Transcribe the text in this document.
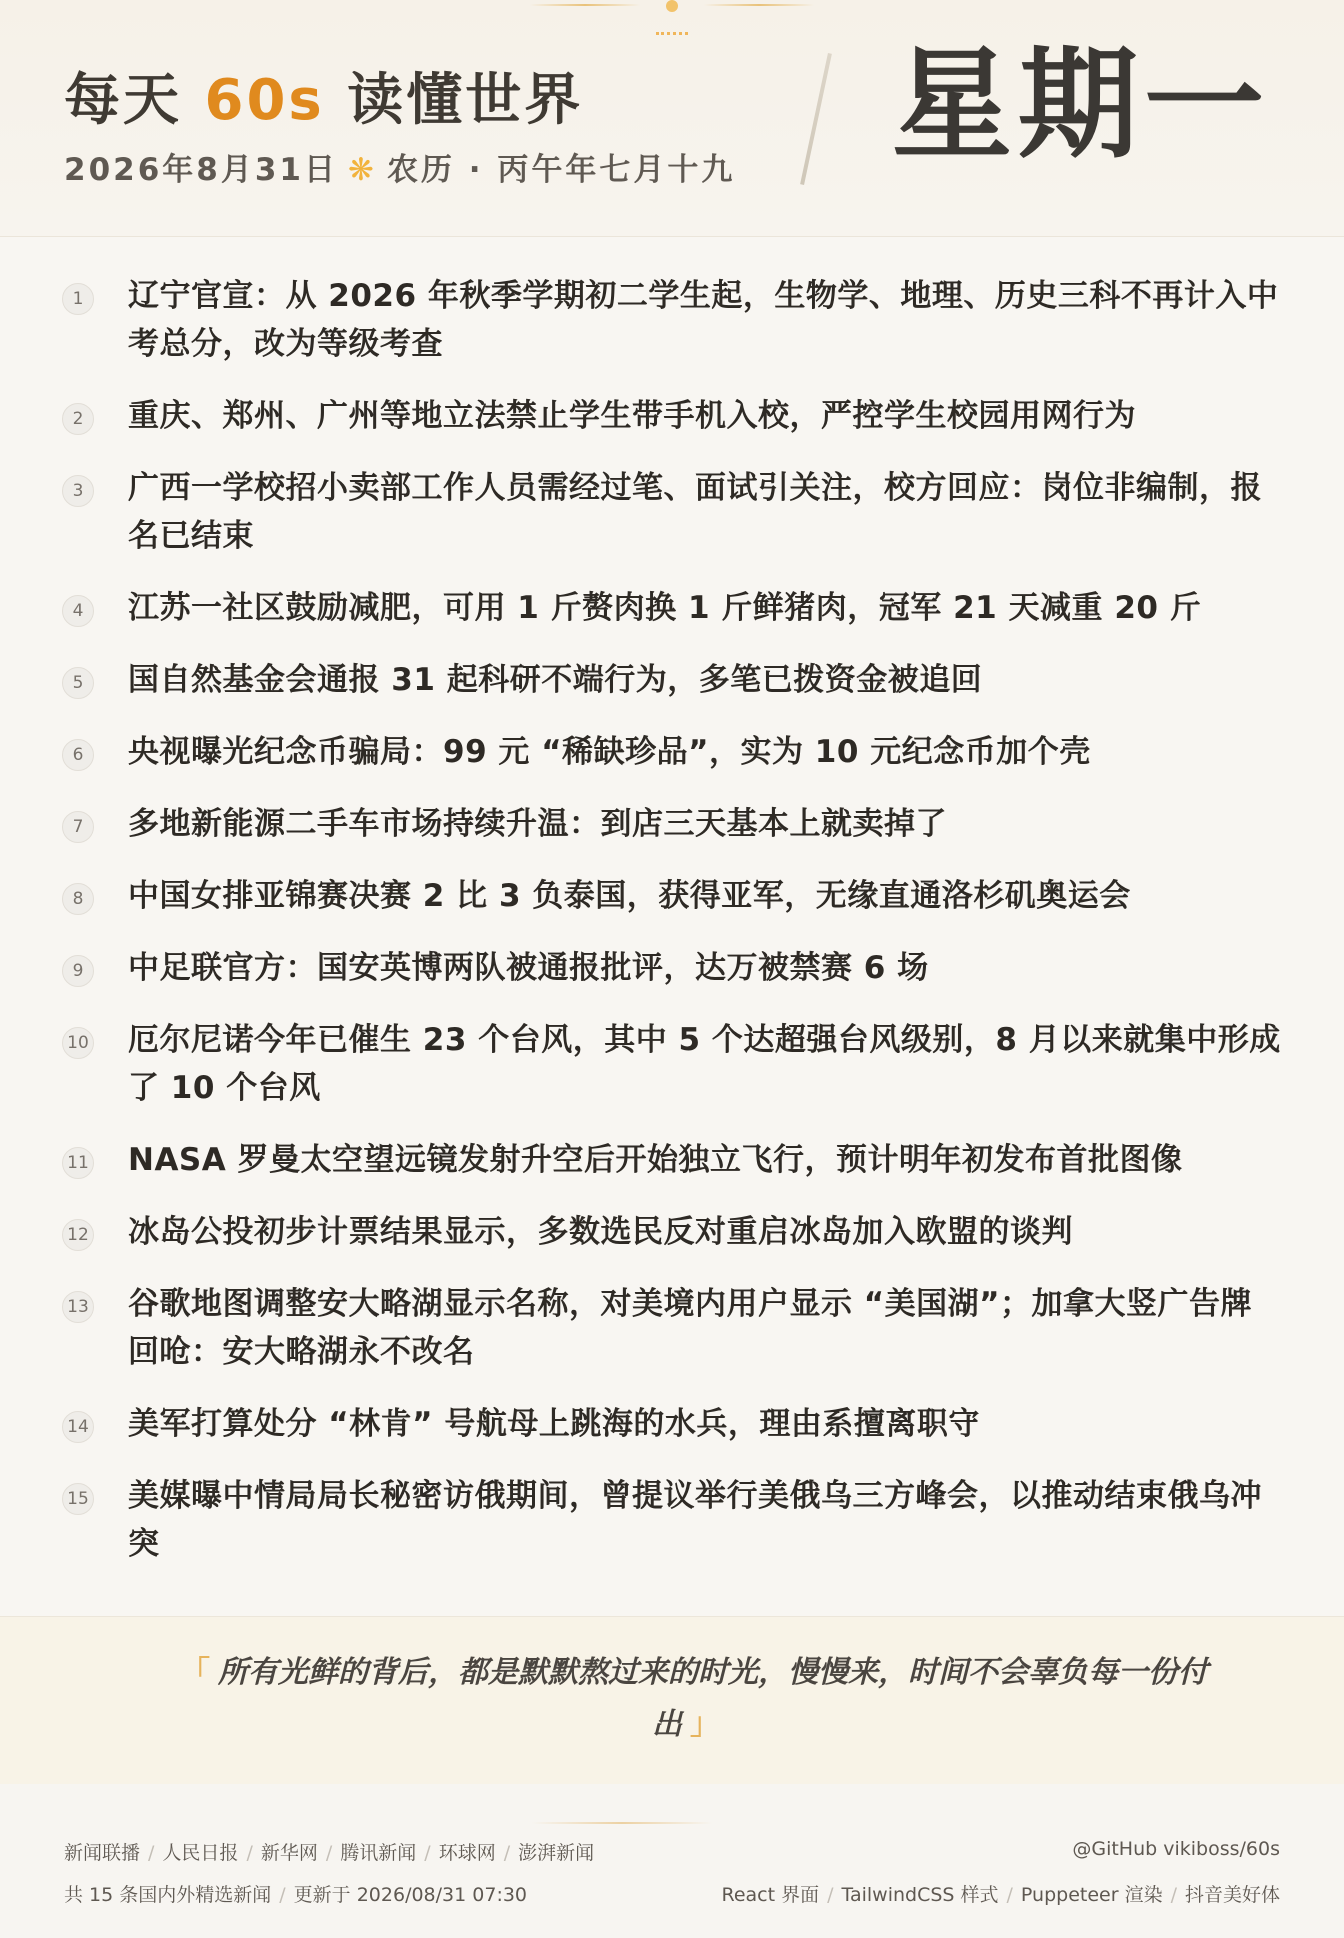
每天 60s 读懂世界
2026年8月31日 ❋ 农历 · 丙午年七月十九 星期一
1	辽宁官宣：从 2026 年秋季学期初二学生起，生物学、地理、历史三科不再计入中考总分，改为等级考查
2	重庆、郑州、广州等地立法禁止学生带手机入校，严控学生校园用网行为
3	广西一学校招小卖部工作人员需经过笔、面试引关注，校方回应：岗位非编制，报名已结束
4	江苏一社区鼓励减肥，可用 1 斤赘肉换 1 斤鲜猪肉，冠军 21 天减重 20 斤
5	国自然基金会通报 31 起科研不端行为，多笔已拨资金被追回
6	央视曝光纪念币骗局：99 元 “稀缺珍品”，实为 10 元纪念币加个壳
7	多地新能源二手车市场持续升温：到店三天基本上就卖掉了
8	中国女排亚锦赛决赛 2 比 3 负泰国，获得亚军，无缘直通洛杉矶奥运会
9	中足联官方：国安英博两队被通报批评，达万被禁赛 6 场
10 厄尔尼诺今年已催生 23 个台风，其中 5 个达超强台风级别，8 月以来就集中形成了 10 个台风
11 NASA 罗曼太空望远镜发射升空后开始独立飞行，预计明年初发布首批图像
12 冰岛公投初步计票结果显示，多数选民反对重启冰岛加入欧盟的谈判
13 谷歌地图调整安大略湖显示名称，对美境内用户显示 “美国湖”；加拿大竖广告牌回呛：安大略湖永不改名
14 美军打算处分 “林肯” 号航母上跳海的水兵，理由系擅离职守
15 美媒曝中情局局长秘密访俄期间，曾提议举行美俄乌三方峰会，以推动结束俄乌冲突
「 所有光鲜的背后，都是默默熬过来的时光，慢慢来，时间不会辜负每一份付出 」
新闻联播 / 人民日报 / 新华网 / 腾讯新闻 / 环球网 / 澎湃新闻	@GitHub vikiboss/60s
共 15 条国内外精选新闻 / 更新于 2026/08/31 07:30	React 界面 / TailwindCSS 样式 / Puppeteer 渲染 / 抖音美好体
